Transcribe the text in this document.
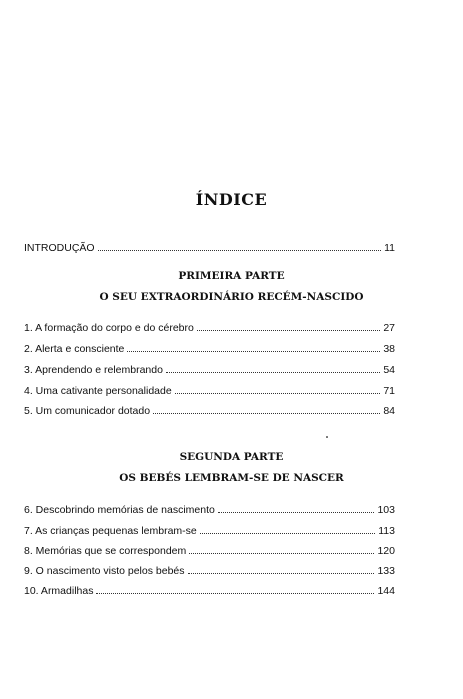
ÍNDICE
INTRODUÇÃO	11
PRIMEIRA PARTE
O SEU EXTRAORDINÁRIO RECÉM-NASCIDO
1. A formação do corpo e do cérebro	27
2. Alerta e consciente	38
3. Aprendendo e relembrando	54
4. Uma cativante personalidade	71
5. Um comunicador dotado	84
SEGUNDA PARTE
OS BEBÉS LEMBRAM-SE DE NASCER
6. Descobrindo memórias de nascimento	103
7. As crianças pequenas lembram-se	113
8. Memórias que se correspondem	120
9. O nascimento visto pelos bebés	133
10. Armadilhas	144
